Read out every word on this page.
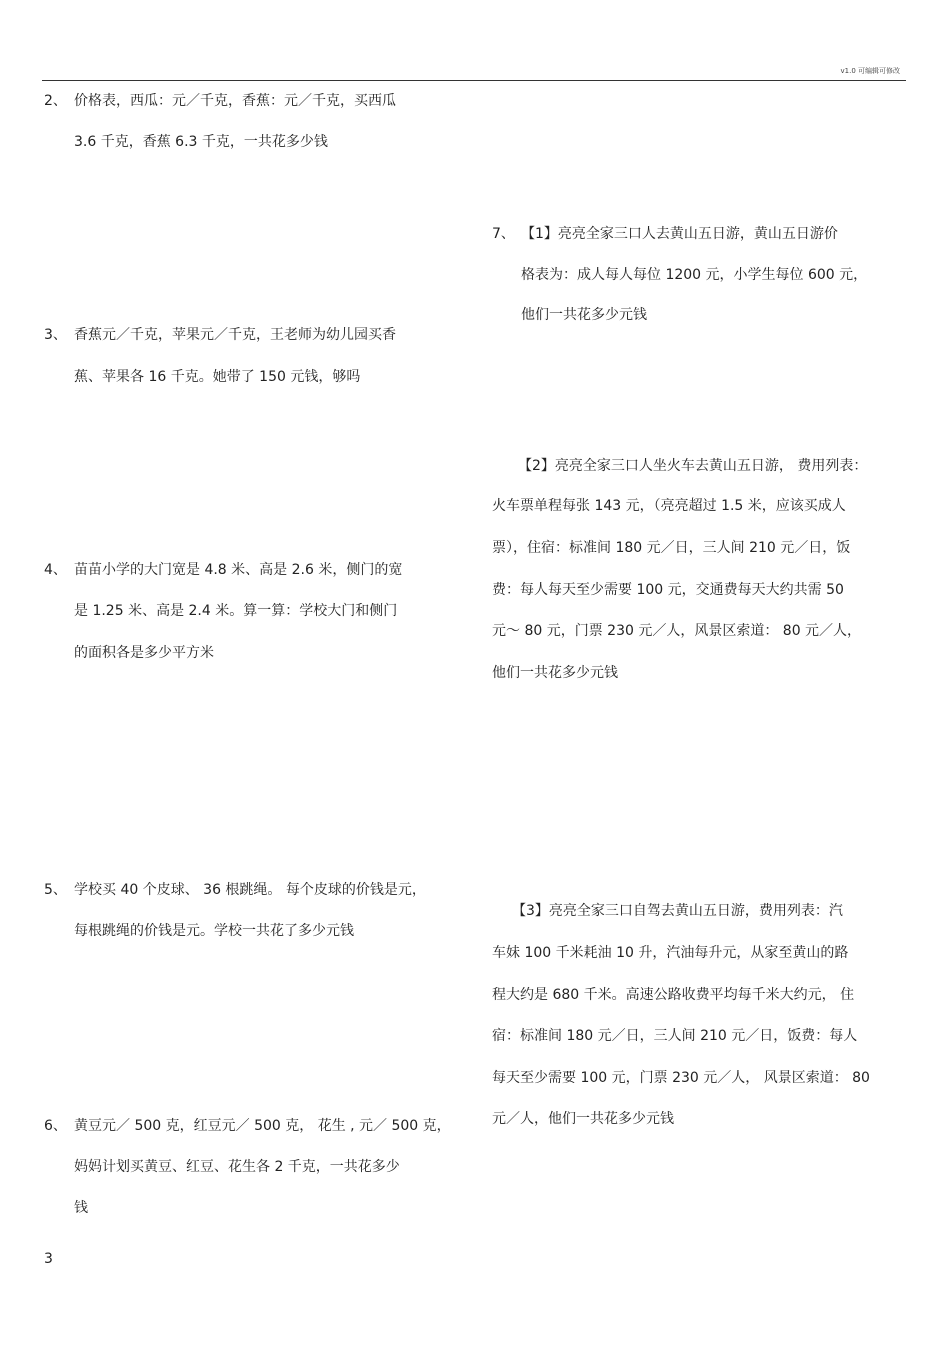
v1.0 可编辑可修改
2、 价格表，西瓜：元／千克，香蕉：元／千克，买西瓜
3.6 千克，香蕉 6.3 千克，一共花多少钱
3、 香蕉元／千克，苹果元／千克，王老师为幼儿园买香
蕉、苹果各 16 千克。她带了 150 元钱，够吗
4、 苗苗小学的大门宽是 4.8 米、高是 2.6 米，侧门的宽
是 1.25 米、高是 2.4 米。算一算：学校大门和侧门
的面积各是多少平方米
5、 学校买 40 个皮球、 36 根跳绳。 每个皮球的价钱是元，
每根跳绳的价钱是元。学校一共花了多少元钱
6、 黄豆元／ 500 克，红豆元／ 500 克， 花生 , 元／ 500 克，
妈妈计划买黄豆、红豆、花生各 2 千克，一共花多少
钱
7、 【1】亮亮全家三口人去黄山五日游，黄山五日游价
格表为：成人每人每位 1200 元，小学生每位 600 元，
他们一共花多少元钱
【2】亮亮全家三口人坐火车去黄山五日游， 费用列表：
火车票单程每张 143 元，（亮亮超过 1.5 米，应该买成人
票），住宿：标准间 180 元／日，三人间 210 元／日，饭
费：每人每天至少需要 100 元，交通费每天大约共需 50
元～ 80 元，门票 230 元／人，风景区索道： 80 元／人，
他们一共花多少元钱
【3】亮亮全家三口自驾去黄山五日游，费用列表：汽
车妹 100 千米耗油 10 升，汽油每升元，从家至黄山的路
程大约是 680 千米。高速公路收费平均每千米大约元， 住
宿：标准间 180 元／日，三人间 210 元／日，饭费：每人
每天至少需要 100 元，门票 230 元／人， 风景区索道： 80
元／人，他们一共花多少元钱
3
